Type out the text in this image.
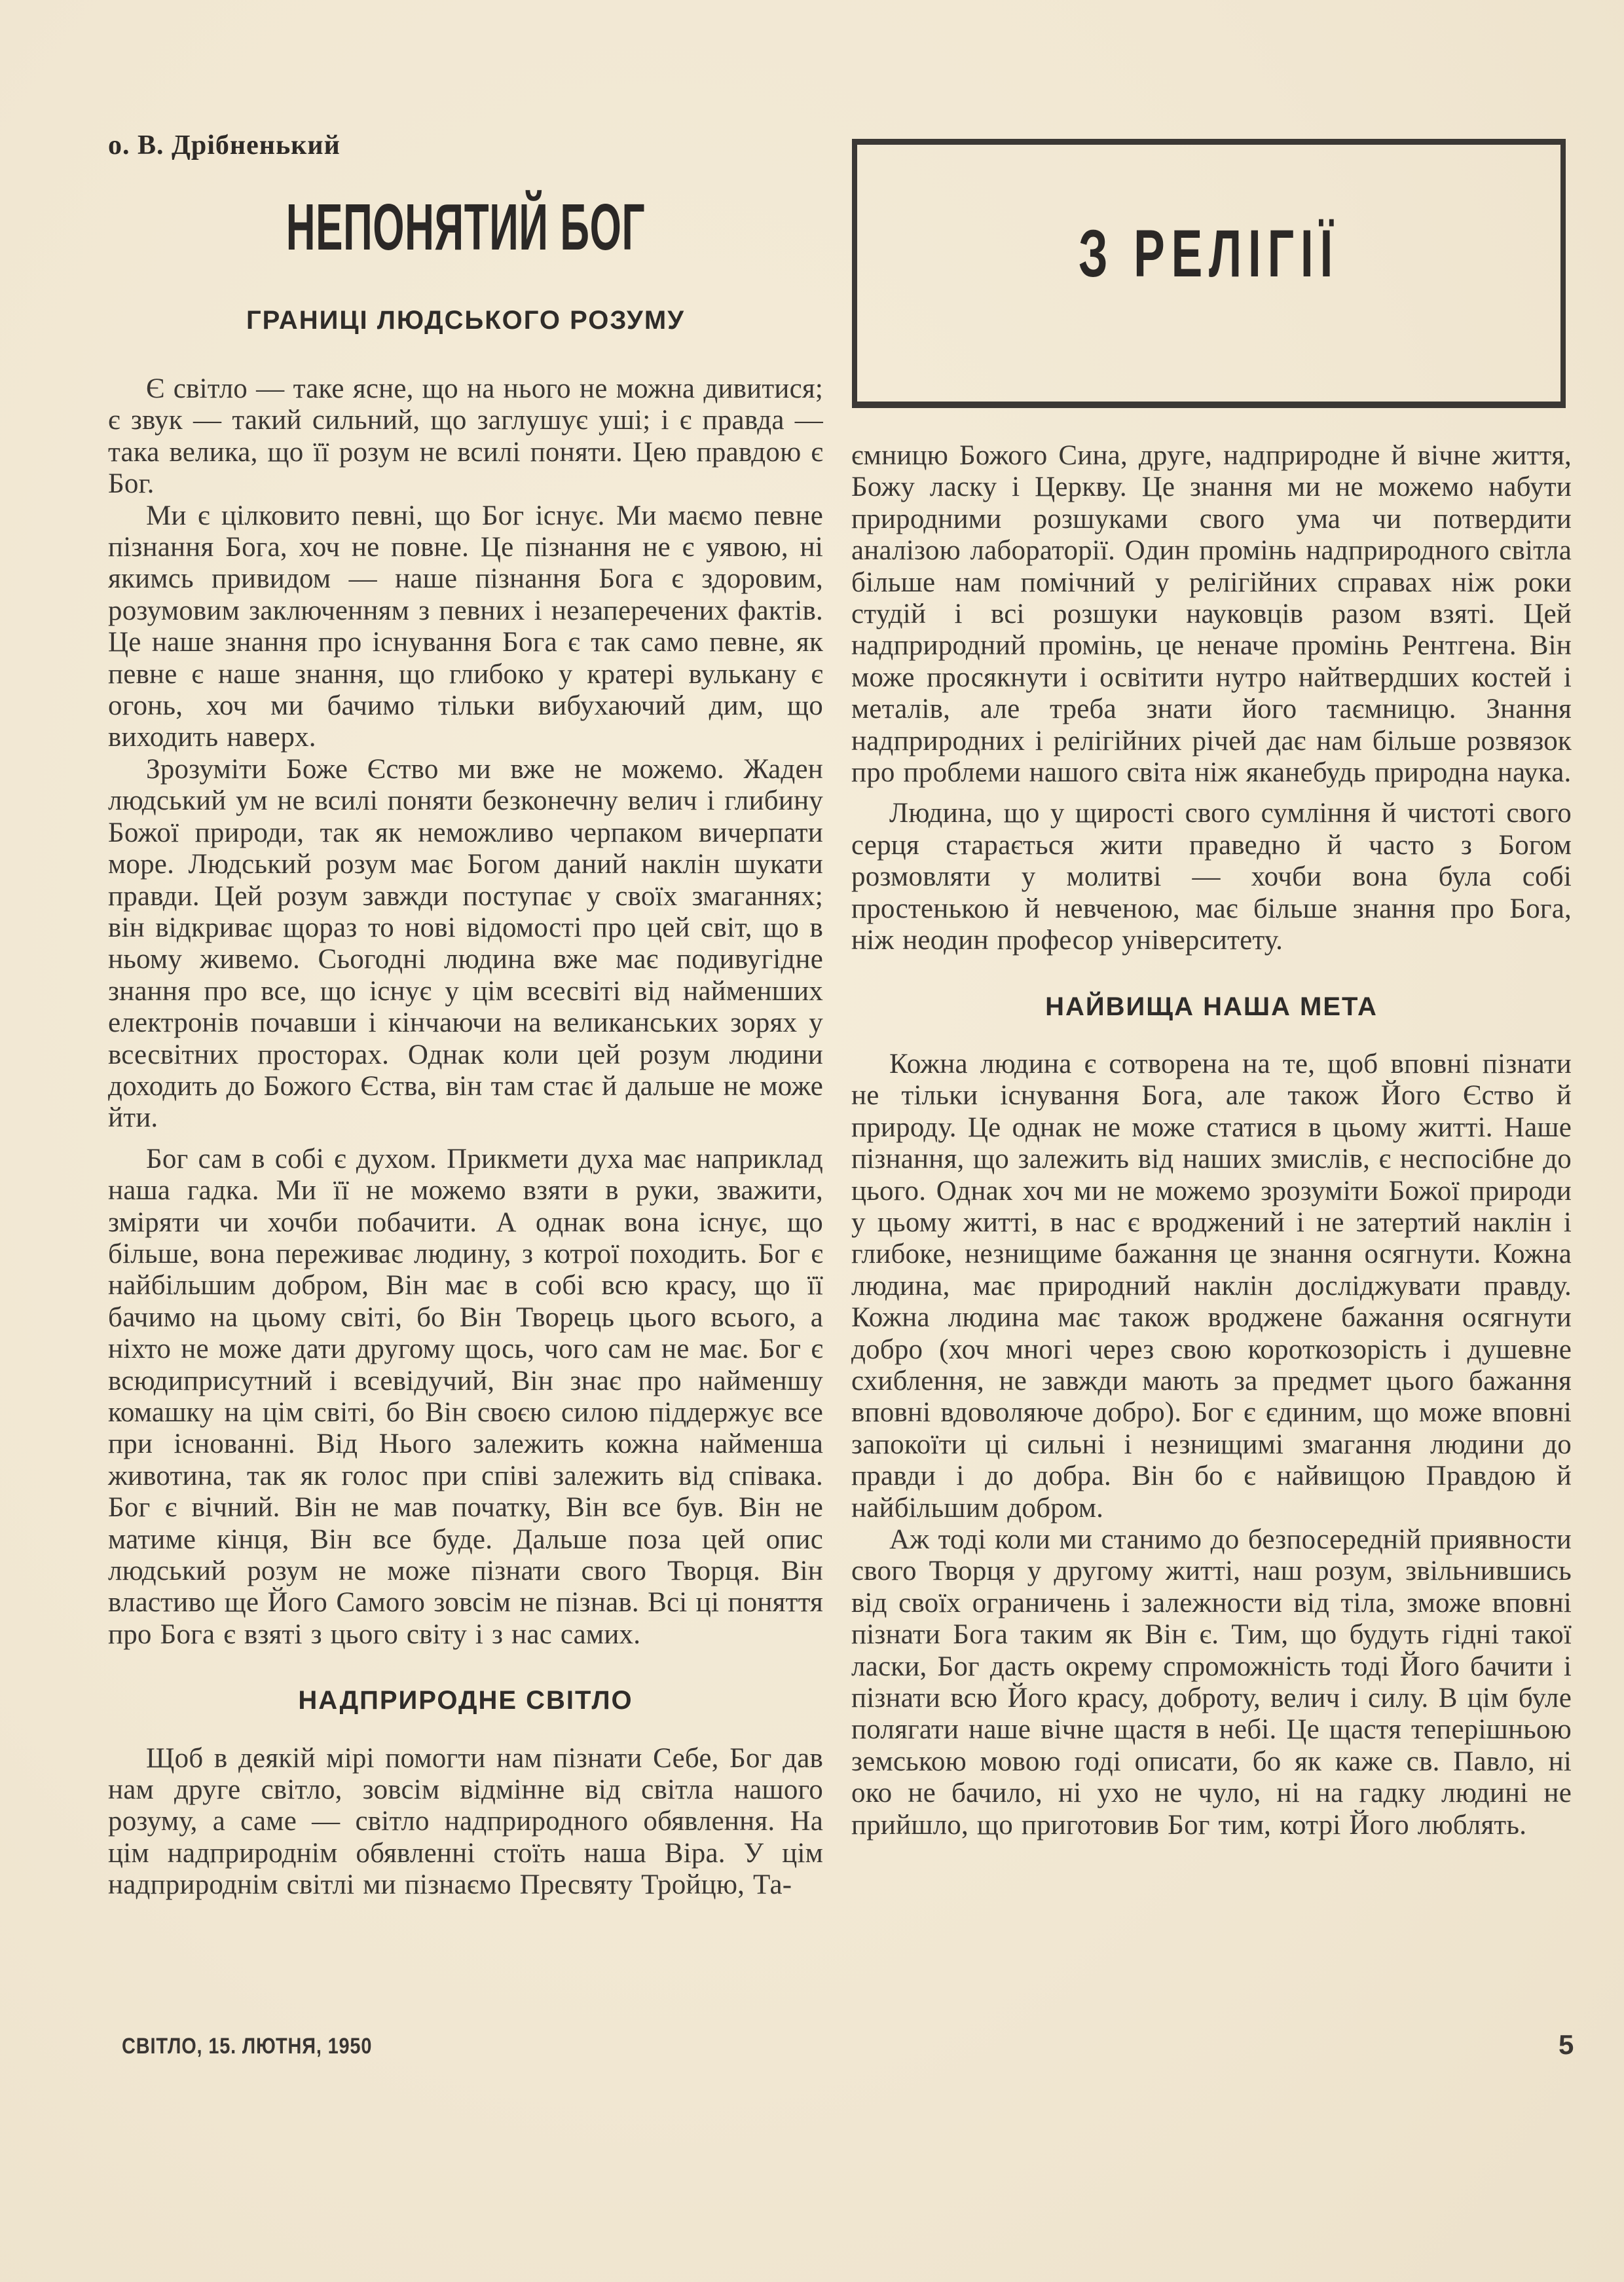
о. В. Дрібненький
НЕПОНЯТИЙ БОГ
ГРАНИЦІ ЛЮДСЬКОГО РОЗУМУ

Є світло — таке ясне, що на нього не можна дивитися; є звук — такий сильний, що заглушує уші; і є правда — така велика, що її розум не всилі поняти. Цею правдою є Бог.

Ми є цілковито певні, що Бог існує. Ми маємо певне пізнання Бога, хоч не повне. Це пізнання не є уявою, ні якимсь привидом — наше пізнання Бога є здоровим, розумовим заключенням з певних і незаперечених фактів. Це наше знання про існування Бога є так само певне, як певне є наше знання, що глибоко у кратері вулькану є огонь, хоч ми бачимо тільки вибухаючий дим, що виходить наверх.

Зрозуміти Боже Єство ми вже не можемо. Жаден людський ум не всилі поняти безконечну велич і глибину Божої природи, так як неможливо черпаком вичерпати море. Людський розум має Богом даний наклін шукати правди. Цей розум завжди поступає у своїх змаганнях; він відкриває щораз то нові відомості про цей світ, що в ньому живемо. Сьогодні людина вже має подивугідне знання про все, що існує у цім всесвіті від найменших електронів почавши і кінчаючи на великанських зорях у всесвітних просторах. Однак коли цей розум людини доходить до Божого Єства, він там стає й дальше не може йти.

Бог сам в собі є духом. Прикмети духа має наприклад наша гадка. Ми її не можемо взяти в руки, зважити, зміряти чи хочби побачити. А однак вона існує, що більше, вона переживає людину, з котрої походить. Бог є найбільшим добром, Він має в собі всю красу, що її бачимо на цьому світі, бо Він Творець цього всього, а ніхто не може дати другому щось, чого сам не має. Бог є всюдиприсутний і всевідучий, Він знає про найменшу комашку на цім світі, бо Він своєю силою піддержує все при існованні. Від Нього залежить кожна найменша животина, так як голос при співі залежить від співака. Бог є вічний. Він не мав початку, Він все був. Він не матиме кінця, Він все буде. Дальше поза цей опис людський розум не може пізнати свого Творця. Він властиво ще Його Самого зовсім не пізнав. Всі ці поняття про Бога є взяті з цього світу і з нас самих.

НАДПРИРОДНЕ СВІТЛО

Щоб в деякій мірі помогти нам пізнати Себе, Бог дав нам друге світло, зовсім відмінне від світла нашого розуму, а саме — світло надприродного обявлення. На цім надприроднім обявленні стоїть наша Віра. У цім надприроднім світлі ми пізнаємо Пресвяту Тройцю, Та-

З РЕЛІГІЇ

ємницю Божого Сина, друге, надприродне й вічне життя, Божу ласку і Церкву. Це знання ми не можемо набути природними розшуками свого ума чи потвердити аналізою лабораторії. Один промінь надприродного світла більше нам помічний у релігійних справах ніж роки студій і всі розшуки науковців разом взяті. Цей надприродний промінь, це неначе промінь Рентгена. Він може просякнути і освітити нутро найтвердших костей і металів, але треба знати його таємницю. Знання надприродних і релігійних річей дає нам більше розвязок про проблеми нашого світа ніж яканебудь природна наука.

Людина, що у щирості свого сумління й чистоті свого серця старається жити праведно й часто з Богом розмовляти у молитві — хочби вона була собі простенькою й невченою, має більше знання про Бога, ніж неодин професор університету.

НАЙВИЩА НАША МЕТА

Кожна людина є сотворена на те, щоб вповні пізнати не тільки існування Бога, але також Його Єство й природу. Це однак не може статися в цьому житті. Наше пізнання, що залежить від наших змислів, є неспосібне до цього. Однак хоч ми не можемо зрозуміти Божої природи у цьому житті, в нас є вроджений і не затертий наклін і глибоке, незнищиме бажання це знання осягнути. Кожна людина, має природний наклін досліджувати правду. Кожна людина має також вроджене бажання осягнути добро (хоч многі через свою короткозорість і душевне схиблення, не завжди мають за предмет цього бажання вповні вдоволяюче добро). Бог є єдиним, що може вповні запокоїти ці сильні і незнищимі змагання людини до правди і до добра. Він бо є найвищою Правдою й найбільшим добром.

Аж тоді коли ми станимо до безпосередній приявности свого Творця у другому житті, наш розум, звільнившись від своїх ограничень і залежности від тіла, зможе вповні пізнати Бога таким як Він є. Тим, що будуть гідні такої ласки, Бог дасть окрему спроможність тоді Його бачити і пізнати всю Його красу, доброту, велич і силу. В цім буле полягати наше вічне щастя в небі. Це щастя теперішньою земською мовою годі описати, бо як каже св. Павло, ні око не бачило, ні ухо не чуло, ні на гадку людині не прийшло, що приготовив Бог тим, котрі Його люблять.

СВІТЛО, 15. ЛЮТНЯ, 1950	5
